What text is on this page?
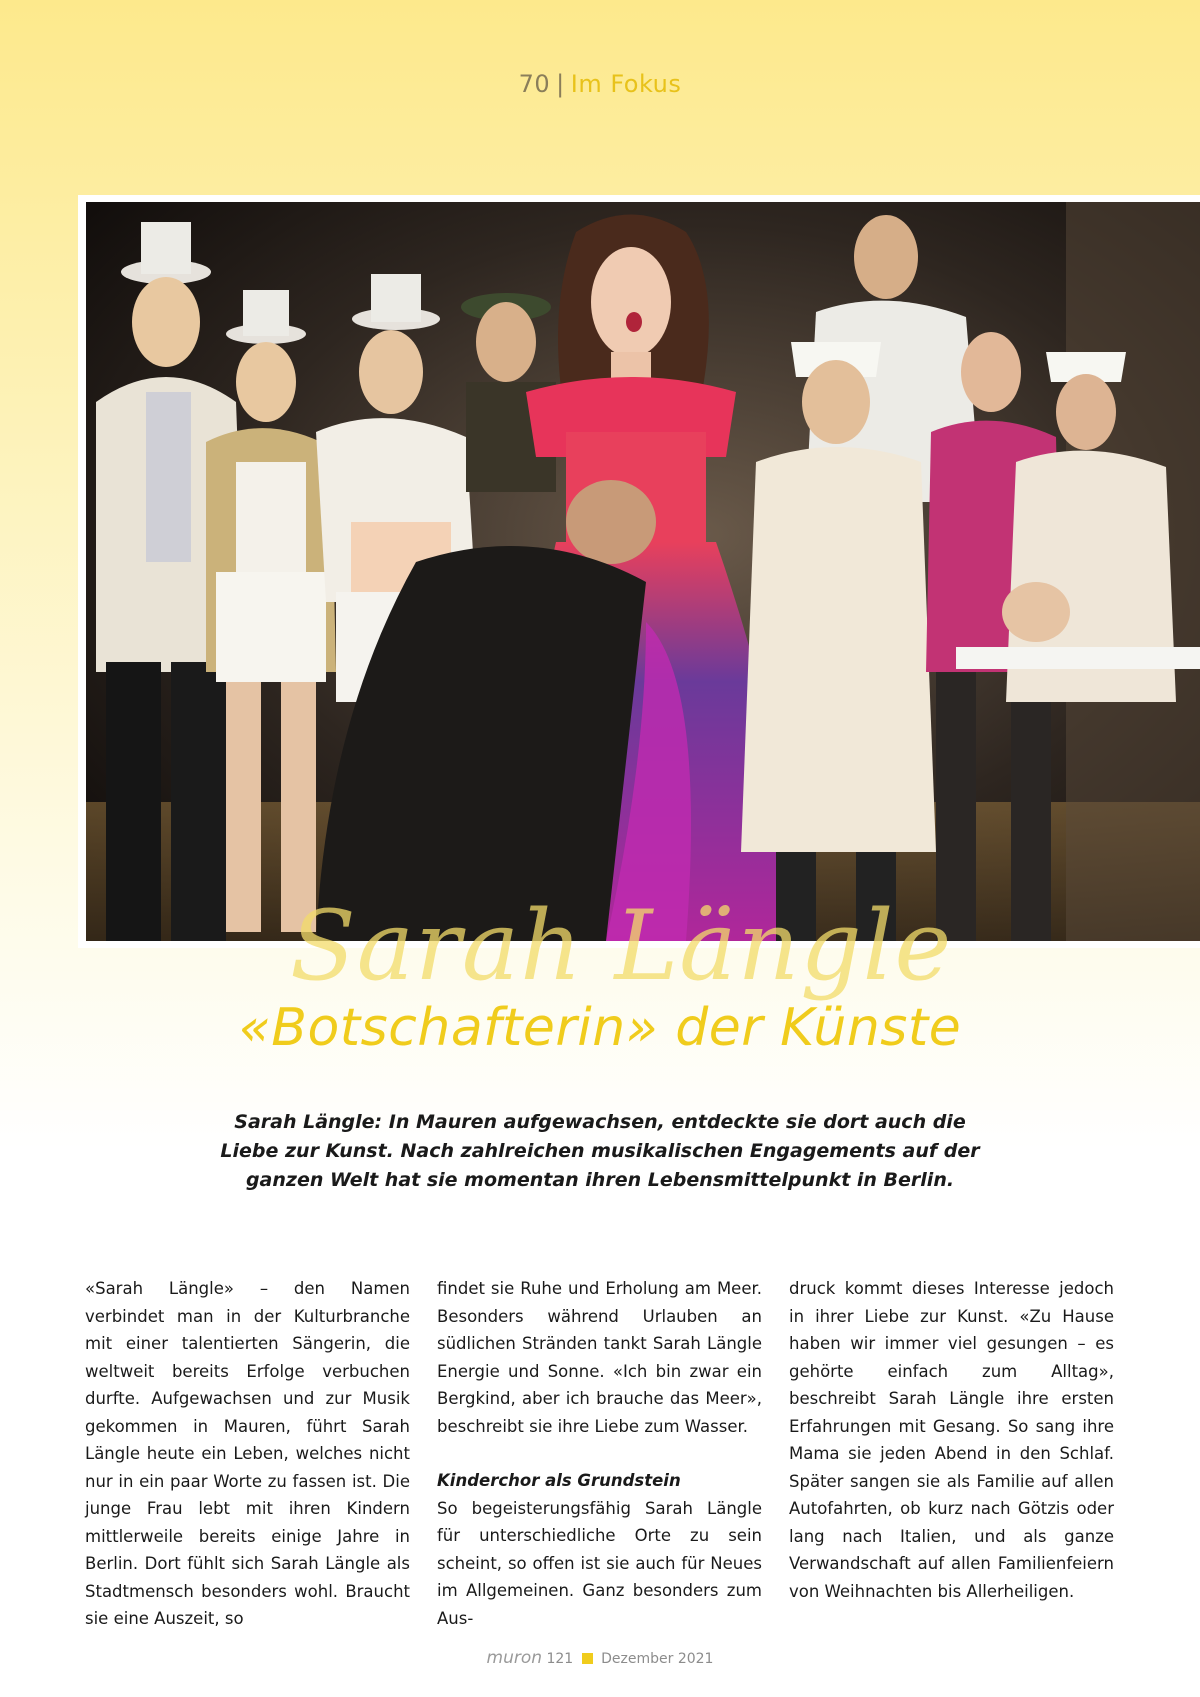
70 | Im Fokus
Sarah Längle
«Botschafterin» der Künste
Sarah Längle: In Mauren aufgewachsen, entdeckte sie dort auch die Liebe zur Kunst. Nach zahlreichen musikalischen Engagements auf der ganzen Welt hat sie momentan ihren Lebensmittelpunkt in Berlin.

«Sarah Längle» – den Namen verbindet man in der Kulturbranche mit einer talentierten Sängerin, die weltweit bereits Erfolge verbuchen durfte. Aufgewachsen und zur Musik gekommen in Mauren, führt Sarah Längle heute ein Leben, welches nicht nur in ein paar Worte zu fassen ist. Die junge Frau lebt mit ihren Kindern mittlerweile bereits einige Jahre in Berlin. Dort fühlt sich Sarah Längle als Stadtmensch besonders wohl. Braucht sie eine Auszeit, so

findet sie Ruhe und Erholung am Meer. Besonders während Urlauben an südlichen Stränden tankt Sarah Längle Energie und Sonne. «Ich bin zwar ein Bergkind, aber ich brauche das Meer», beschreibt sie ihre Liebe zum Wasser.

Kinderchor als Grundstein

So begeisterungsfähig Sarah Längle für unterschiedliche Orte zu sein scheint, so offen ist sie auch für Neues im Allgemeinen. Ganz besonders zum Aus-

druck kommt dieses Interesse jedoch in ihrer Liebe zur Kunst. «Zu Hause haben wir immer viel gesungen – es gehörte einfach zum Alltag», beschreibt Sarah Längle ihre ersten Erfahrungen mit Gesang. So sang ihre Mama sie jeden Abend in den Schlaf. Später sangen sie als Familie auf allen Autofahrten, ob kurz nach Götzis oder lang nach Italien, und als ganze Verwandschaft auf allen Familienfeiern von Weihnachten bis Allerheiligen.

muron 121 Dezember 2021
